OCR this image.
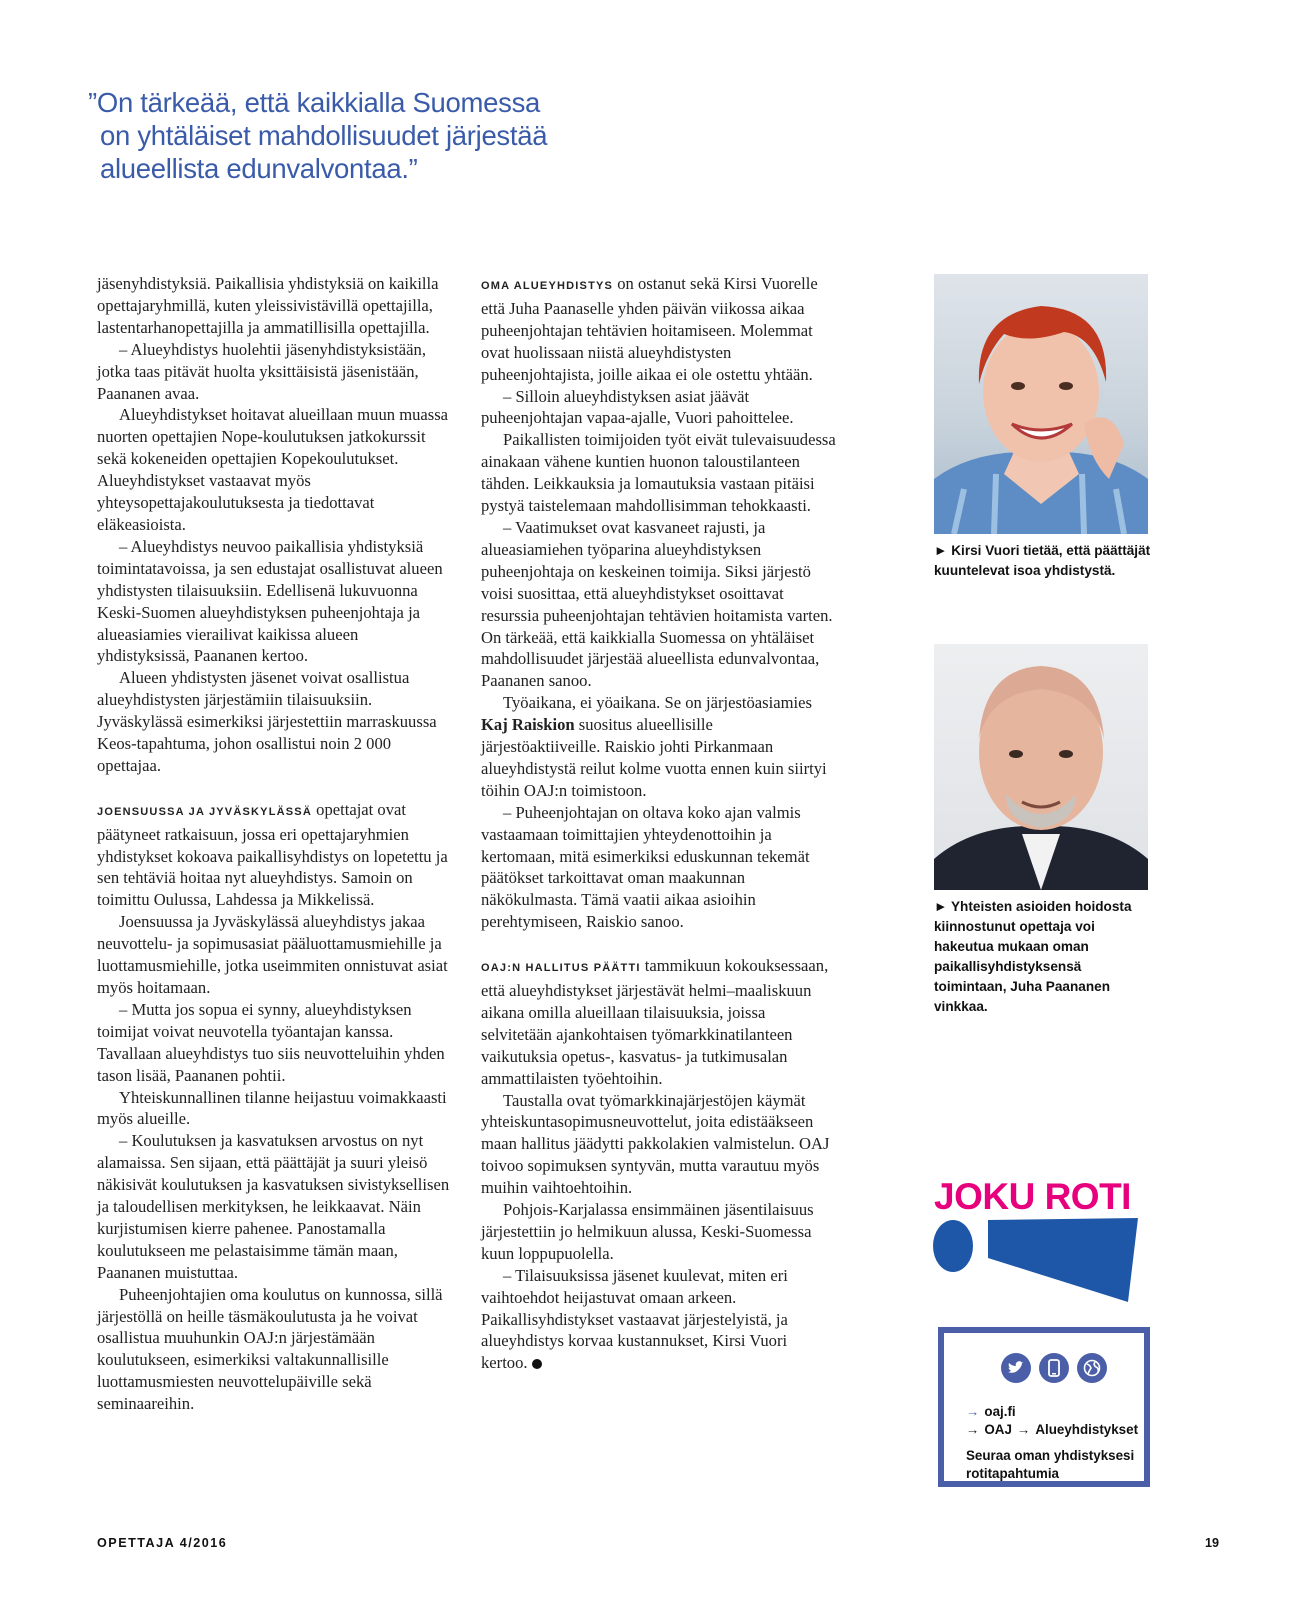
”On tärkeää, että kaikkialla Suomessa
on yhtäläiset mahdollisuudet järjestää
alueellista edunvalvontaa.”

jäsenyhdistyksiä. Paikallisia yhdistyksiä on kaikilla opettajaryhmillä, kuten yleissivistävillä opettajilla, lastentarhanopettajilla ja ammatillisilla opettajilla.

– Alueyhdistys huolehtii jäsenyhdistyksistään, jotka taas pitävät huolta yksittäisistä jäsenistään, Paananen avaa.

Alueyhdistykset hoitavat alueillaan muun muassa nuorten opettajien Nope-koulutuksen jatkokurssit sekä kokeneiden opettajien Kopekoulutukset. Alueyhdistykset vastaavat myös yhteysopettajakoulutuksesta ja tiedottavat eläkeasioista.

– Alueyhdistys neuvoo paikallisia yhdistyksiä toimintatavoissa, ja sen edustajat osallistuvat alueen yhdistysten tilaisuuksiin. Edellisenä lukuvuonna Keski-Suomen alueyhdistyksen puheenjohtaja ja alueasiamies vierailivat kaikissa alueen yhdistyksissä, Paananen kertoo.

Alueen yhdistysten jäsenet voivat osallistua alueyhdistysten järjestämiin tilaisuuksiin. Jyväskylässä esimerkiksi järjestettiin marraskuussa Keos-tapahtuma, johon osallistui noin 2 000 opettajaa.

JOENSUUSSA JA JYVÄSKYLÄSSÄ opettajat ovat päätyneet ratkaisuun, jossa eri opettajaryhmien yhdistykset kokoava paikallisyhdistys on lopetettu ja sen tehtäviä hoitaa nyt alueyhdistys. Samoin on toimittu Oulussa, Lahdessa ja Mikkelissä.

Joensuussa ja Jyväskylässä alueyhdistys jakaa neuvottelu- ja sopimusasiat pääluottamusmiehille ja luottamusmiehille, jotka useimmiten onnistuvat asiat myös hoitamaan.

– Mutta jos sopua ei synny, alueyhdistyksen toimijat voivat neuvotella työantajan kanssa. Tavallaan alueyhdistys tuo siis neuvotteluihin yhden tason lisää, Paananen pohtii.

Yhteiskunnallinen tilanne heijastuu voimakkaasti myös alueille.

– Koulutuksen ja kasvatuksen arvostus on nyt alamaissa. Sen sijaan, että päättäjät ja suuri yleisö näkisivät koulutuksen ja kasvatuksen sivistyksellisen ja taloudellisen merkityksen, he leikkaavat. Näin kurjistumisen kierre pahenee. Panostamalla koulutukseen me pelastaisimme tämän maan, Paananen muistuttaa.

Puheenjohtajien oma koulutus on kunnossa, sillä järjestöllä on heille täsmäkoulutusta ja he voivat osallistua muuhunkin OAJ:n järjestämään koulutukseen, esimerkiksi valtakunnallisille luottamusmiesten neuvottelupäiville sekä seminaareihin.

OMA ALUEYHDISTYS on ostanut sekä Kirsi Vuorelle että Juha Paanaselle yhden päivän viikossa aikaa puheenjohtajan tehtävien hoitamiseen. Molemmat ovat huolissaan niistä alueyhdistysten puheenjohtajista, joille aikaa ei ole ostettu yhtään.

– Silloin alueyhdistyksen asiat jäävät puheenjohtajan vapaa-ajalle, Vuori pahoittelee.

Paikallisten toimijoiden työt eivät tulevaisuudessa ainakaan vähene kuntien huonon taloustilanteen tähden. Leikkauksia ja lomautuksia vastaan pitäisi pystyä taistelemaan mahdollisimman tehokkaasti.

– Vaatimukset ovat kasvaneet rajusti, ja alueasiamiehen työparina alueyhdistyksen puheenjohtaja on keskeinen toimija. Siksi järjestö voisi suosittaa, että alueyhdistykset osoittavat resurssia puheenjohtajan tehtävien hoitamista varten. On tärkeää, että kaikkialla Suomessa on yhtäläiset mahdollisuudet järjestää alueellista edunvalvontaa, Paananen sanoo.

Työaikana, ei yöaikana. Se on järjestöasiamies Kaj Raiskion suositus alueellisille järjestöaktiiveille. Raiskio johti Pirkanmaan alueyhdistystä reilut kolme vuotta ennen kuin siirtyi töihin OAJ:n toimistoon.

– Puheenjohtajan on oltava koko ajan valmis vastaamaan toimittajien yhteydenottoihin ja kertomaan, mitä esimerkiksi eduskunnan tekemät päätökset tarkoittavat oman maakunnan näkökulmasta. Tämä vaatii aikaa asioihin perehtymiseen, Raiskio sanoo.

OAJ:N HALLITUS PÄÄTTI tammikuun kokouksessaan, että alueyhdistykset järjestävät helmi–maaliskuun aikana omilla alueillaan tilaisuuksia, joissa selvitetään ajankohtaisen työmarkkinatilanteen vaikutuksia opetus-, kasvatus- ja tutkimusalan ammattilaisten työehtoihin.

Taustalla ovat työmarkkinajärjestöjen käymät yhteiskuntasopimusneuvottelut, joita edistääkseen maan hallitus jäädytti pakkolakien valmistelun. OAJ toivoo sopimuksen syntyvän, mutta varautuu myös muihin vaihtoehtoihin.

Pohjois-Karjalassa ensimmäinen jäsentilaisuus järjestettiin jo helmikuun alussa, Keski-Suomessa kuun loppupuolella.

– Tilaisuuksissa jäsenet kuulevat, miten eri vaihtoehdot heijastuvat omaan arkeen. Paikallisyhdistykset vastaavat järjestelyistä, ja alueyhdistys korvaa kustannukset, Kirsi Vuori kertoo.

► Kirsi Vuori tietää, että päättäjät kuuntelevat isoa yhdistystä.
► Yhteisten asioiden hoidosta kiinnostunut opettaja voi hakeutua mukaan oman paikallisyhdistyksensä toimintaan, Juha Paananen vinkkaa.
JOKU ROTI
→ oaj.fi
→ OAJ → Alueyhdistykset
Seuraa oman yhdistyksesi rotitapahtumia
OPETTAJA 4/2016	19
